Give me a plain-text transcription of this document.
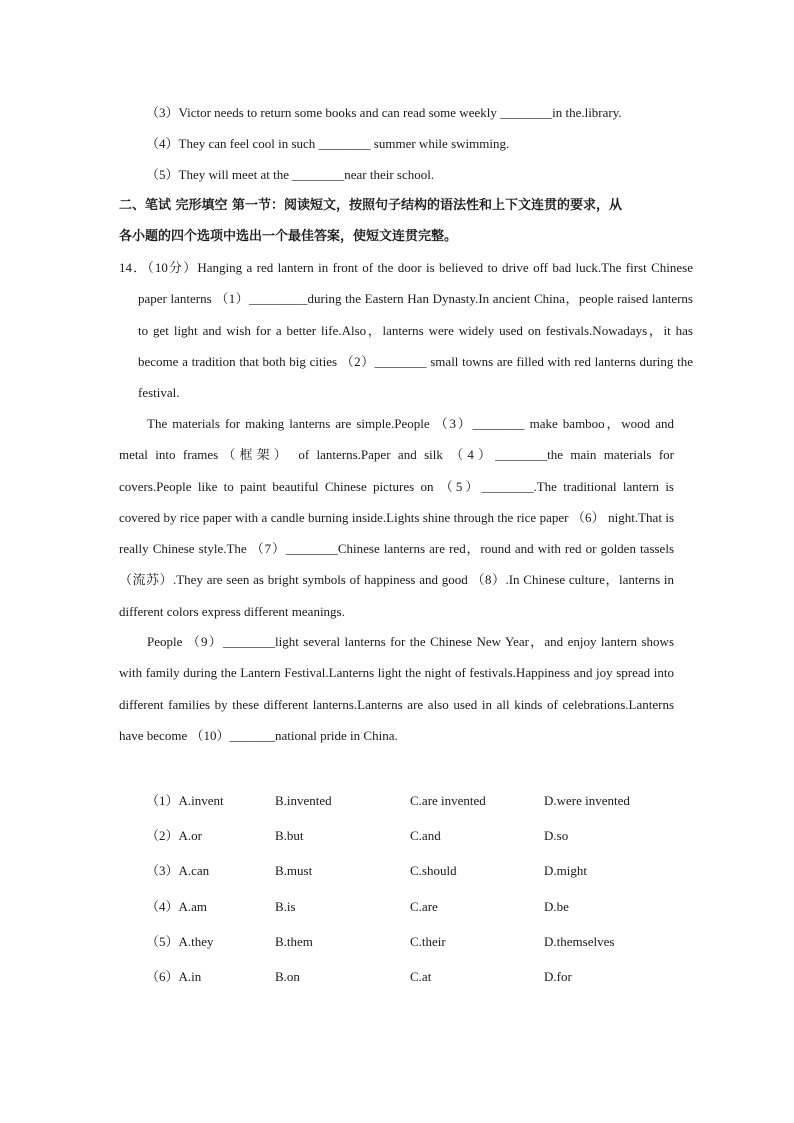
（3）Victor needs to return some books and can read some weekly ________in the.library.
（4）They can feel cool in such ________ summer while swimming.
（5）They will meet at the ________near their school.
二、笔试 完形填空 第一节：阅读短文，按照句子结构的语法性和上下文连贯的要求，从
各小题的四个选项中选出一个最佳答案，使短文连贯完整。

14．（10分）Hanging a red lantern in front of the door is believed to drive off bad luck.The first Chinese paper lanterns （1）_________during the Eastern Han Dynasty.In ancient China，people raised lanterns to get light and wish for a better life.Also，lanterns were widely used on festivals.Nowadays，it has become a tradition that both big cities （2）________ small towns are filled with red lanterns during the festival.

The materials for making lanterns are simple.People （3）________ make bamboo，wood and metal into frames（框架） of lanterns.Paper and silk （4）________the main materials for covers.People like to paint beautiful Chinese pictures on （5）________.The traditional lantern is covered by rice paper with a candle burning inside.Lights shine through the rice paper （6） night.That is really Chinese style.The （7）________Chinese lanterns are red，round and with red or golden tassels（流苏）.They are seen as bright symbols of happiness and good （8）.In Chinese culture，lanterns in different colors express different meanings.

People （9）________light several lanterns for the Chinese New Year，and enjoy lantern shows with family during the Lantern Festival.Lanterns light the night of festivals.Happiness and joy spread into different families by these different lanterns.Lanterns are also used in all kinds of celebrations.Lanterns have become （10）_______national pride in China.

（1）A.invent	B.invented	C.are invented	D.were invented
（2）A.or	B.but	C.and	D.so
（3）A.can	B.must	C.should	D.might
（4）A.am	B.is	C.are	D.be
（5）A.they	B.them	C.their	D.themselves
（6）A.in	B.on	C.at	D.for
